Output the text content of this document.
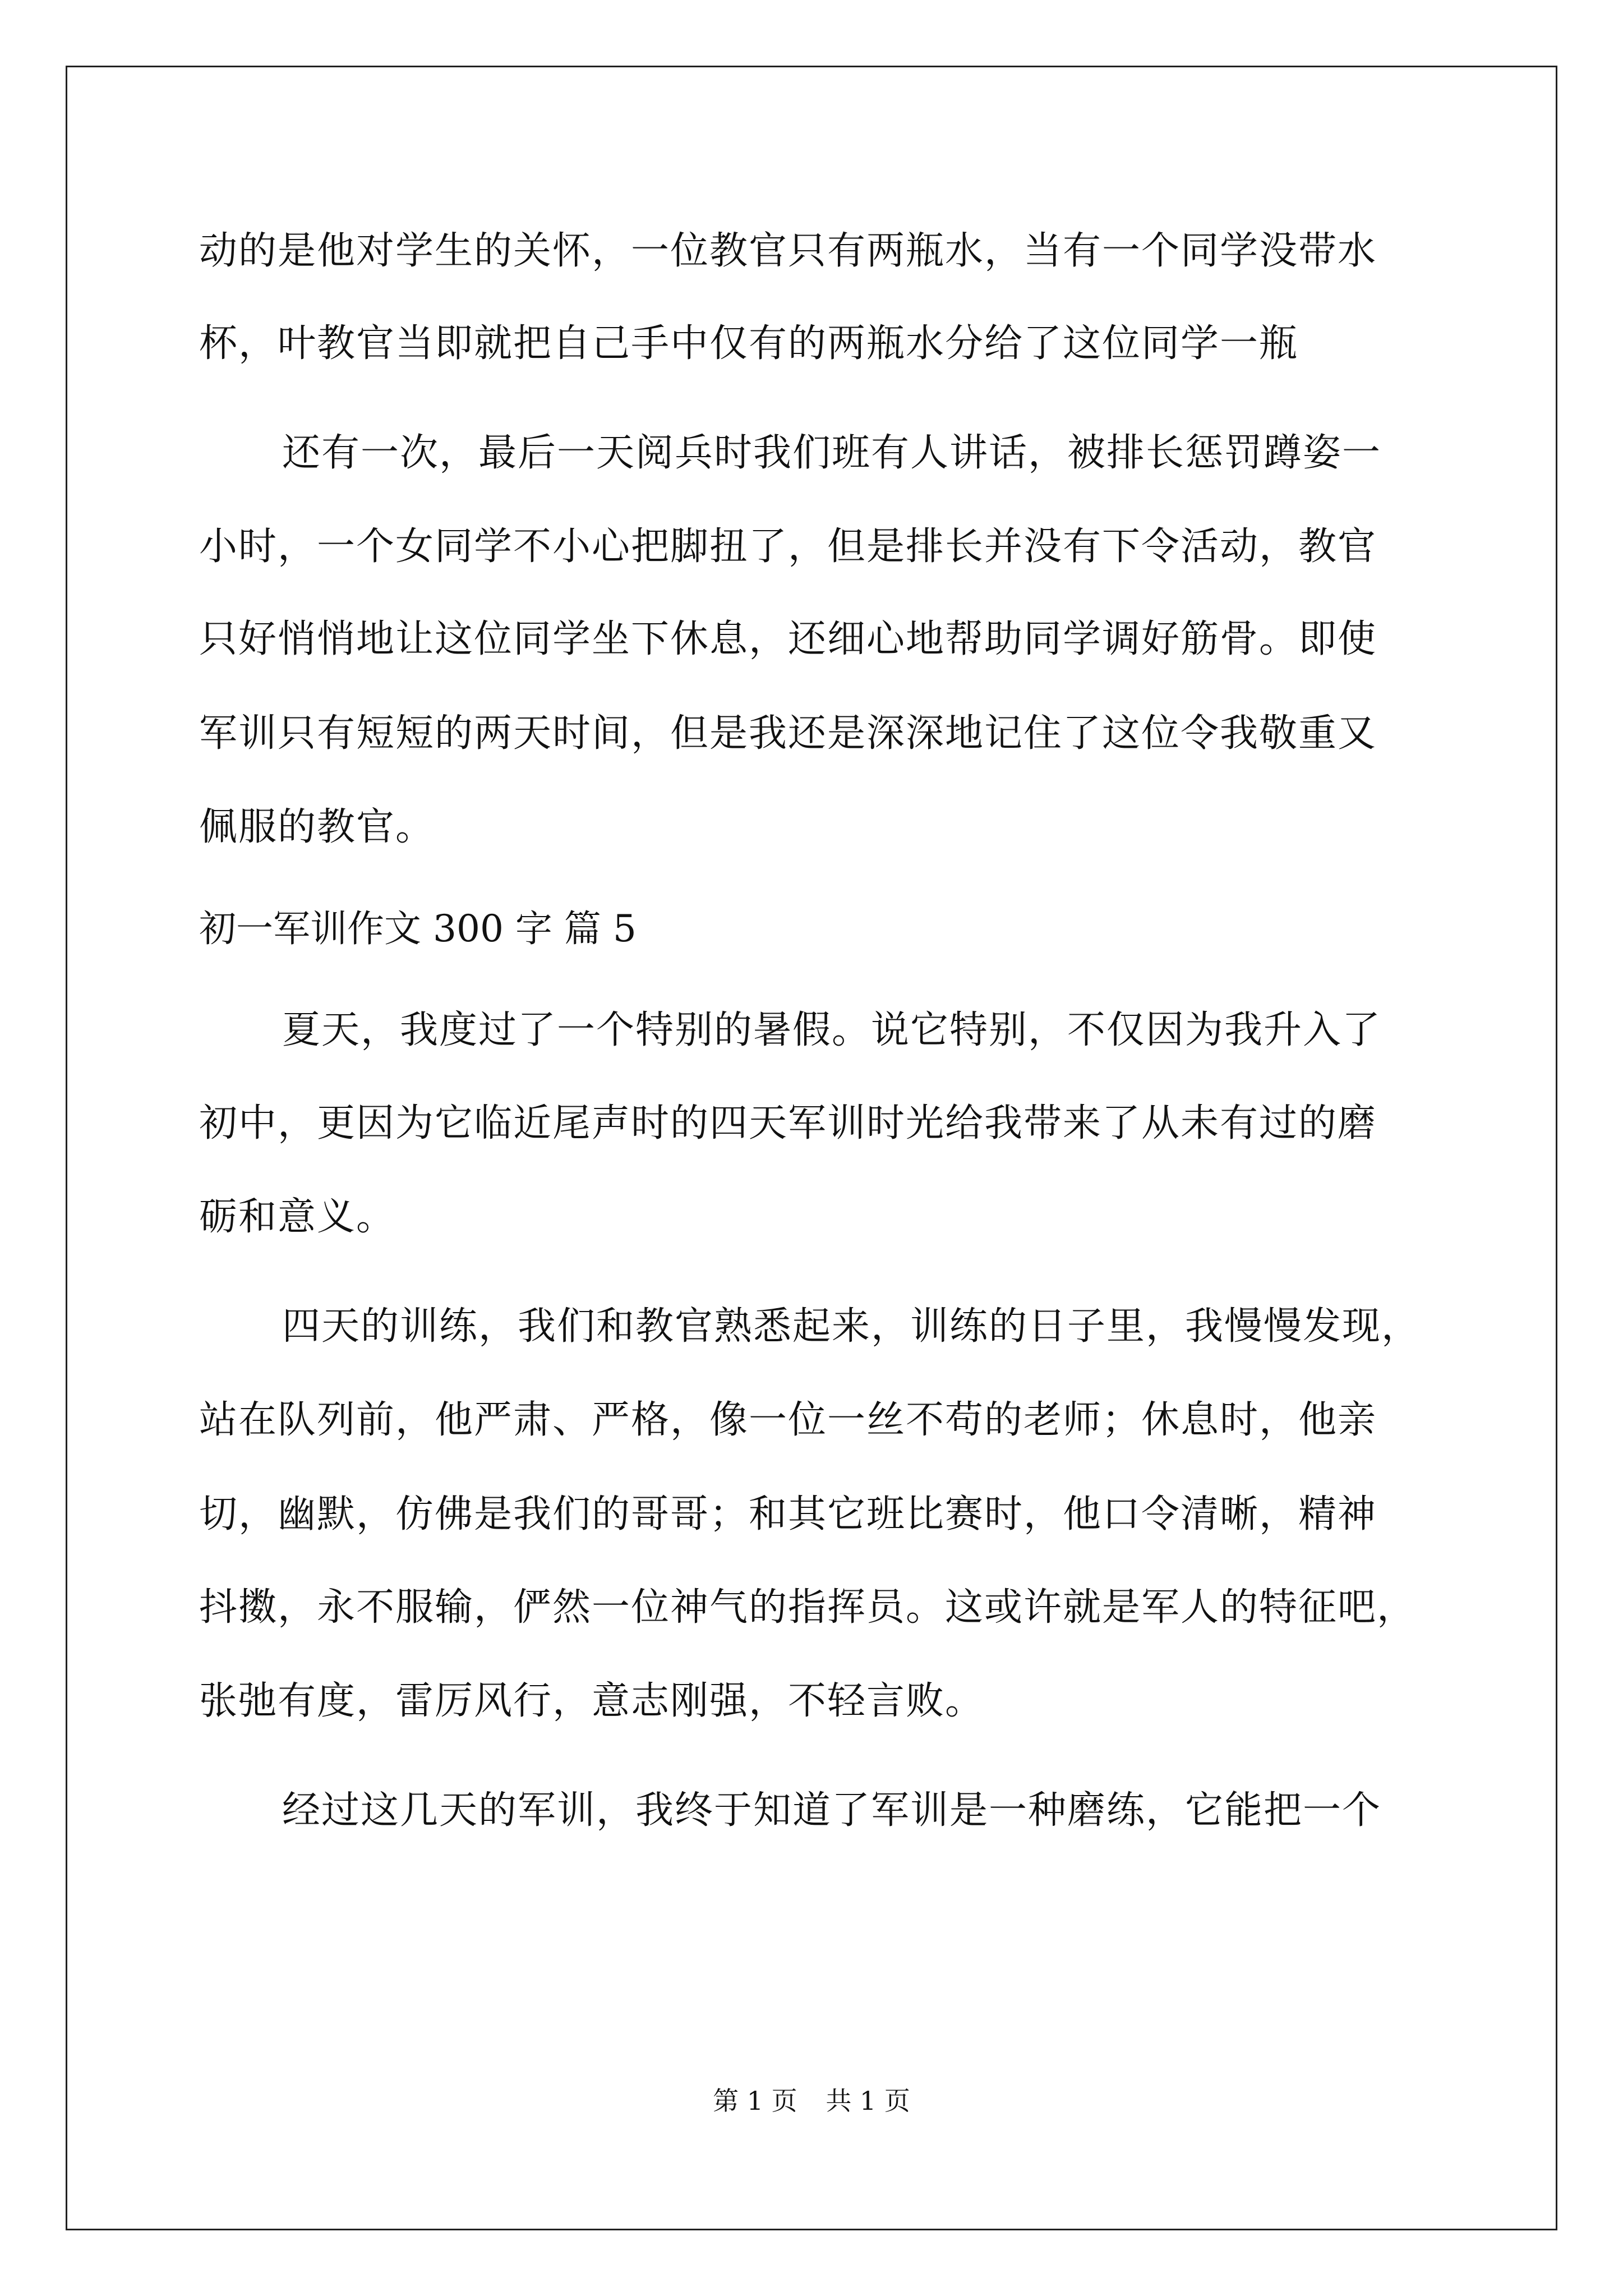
动的是他对学生的关怀，一位教官只有两瓶水，当有一个同学没带水
杯，叶教官当即就把自己手中仅有的两瓶水分给了这位同学一瓶
还有一次，最后一天阅兵时我们班有人讲话，被排长惩罚蹲姿一
小时，一个女同学不小心把脚扭了，但是排长并没有下令活动，教官
只好悄悄地让这位同学坐下休息，还细心地帮助同学调好筋骨。即使
军训只有短短的两天时间，但是我还是深深地记住了这位令我敬重又
佩服的教官。
初一军训作文 300 字 篇 5
夏天，我度过了一个特别的暑假。说它特别，不仅因为我升入了
初中，更因为它临近尾声时的四天军训时光给我带来了从未有过的磨
砺和意义。
四天的训练，我们和教官熟悉起来，训练的日子里，我慢慢发现，
站在队列前，他严肃、严格，像一位一丝不苟的老师；休息时，他亲
切，幽默，仿佛是我们的哥哥；和其它班比赛时，他口令清晰，精神
抖擞，永不服输，俨然一位神气的指挥员。这或许就是军人的特征吧，
张弛有度，雷厉风行，意志刚强，不轻言败。
经过这几天的军训，我终于知道了军训是一种磨练，它能把一个
第 1 页 共 1 页
